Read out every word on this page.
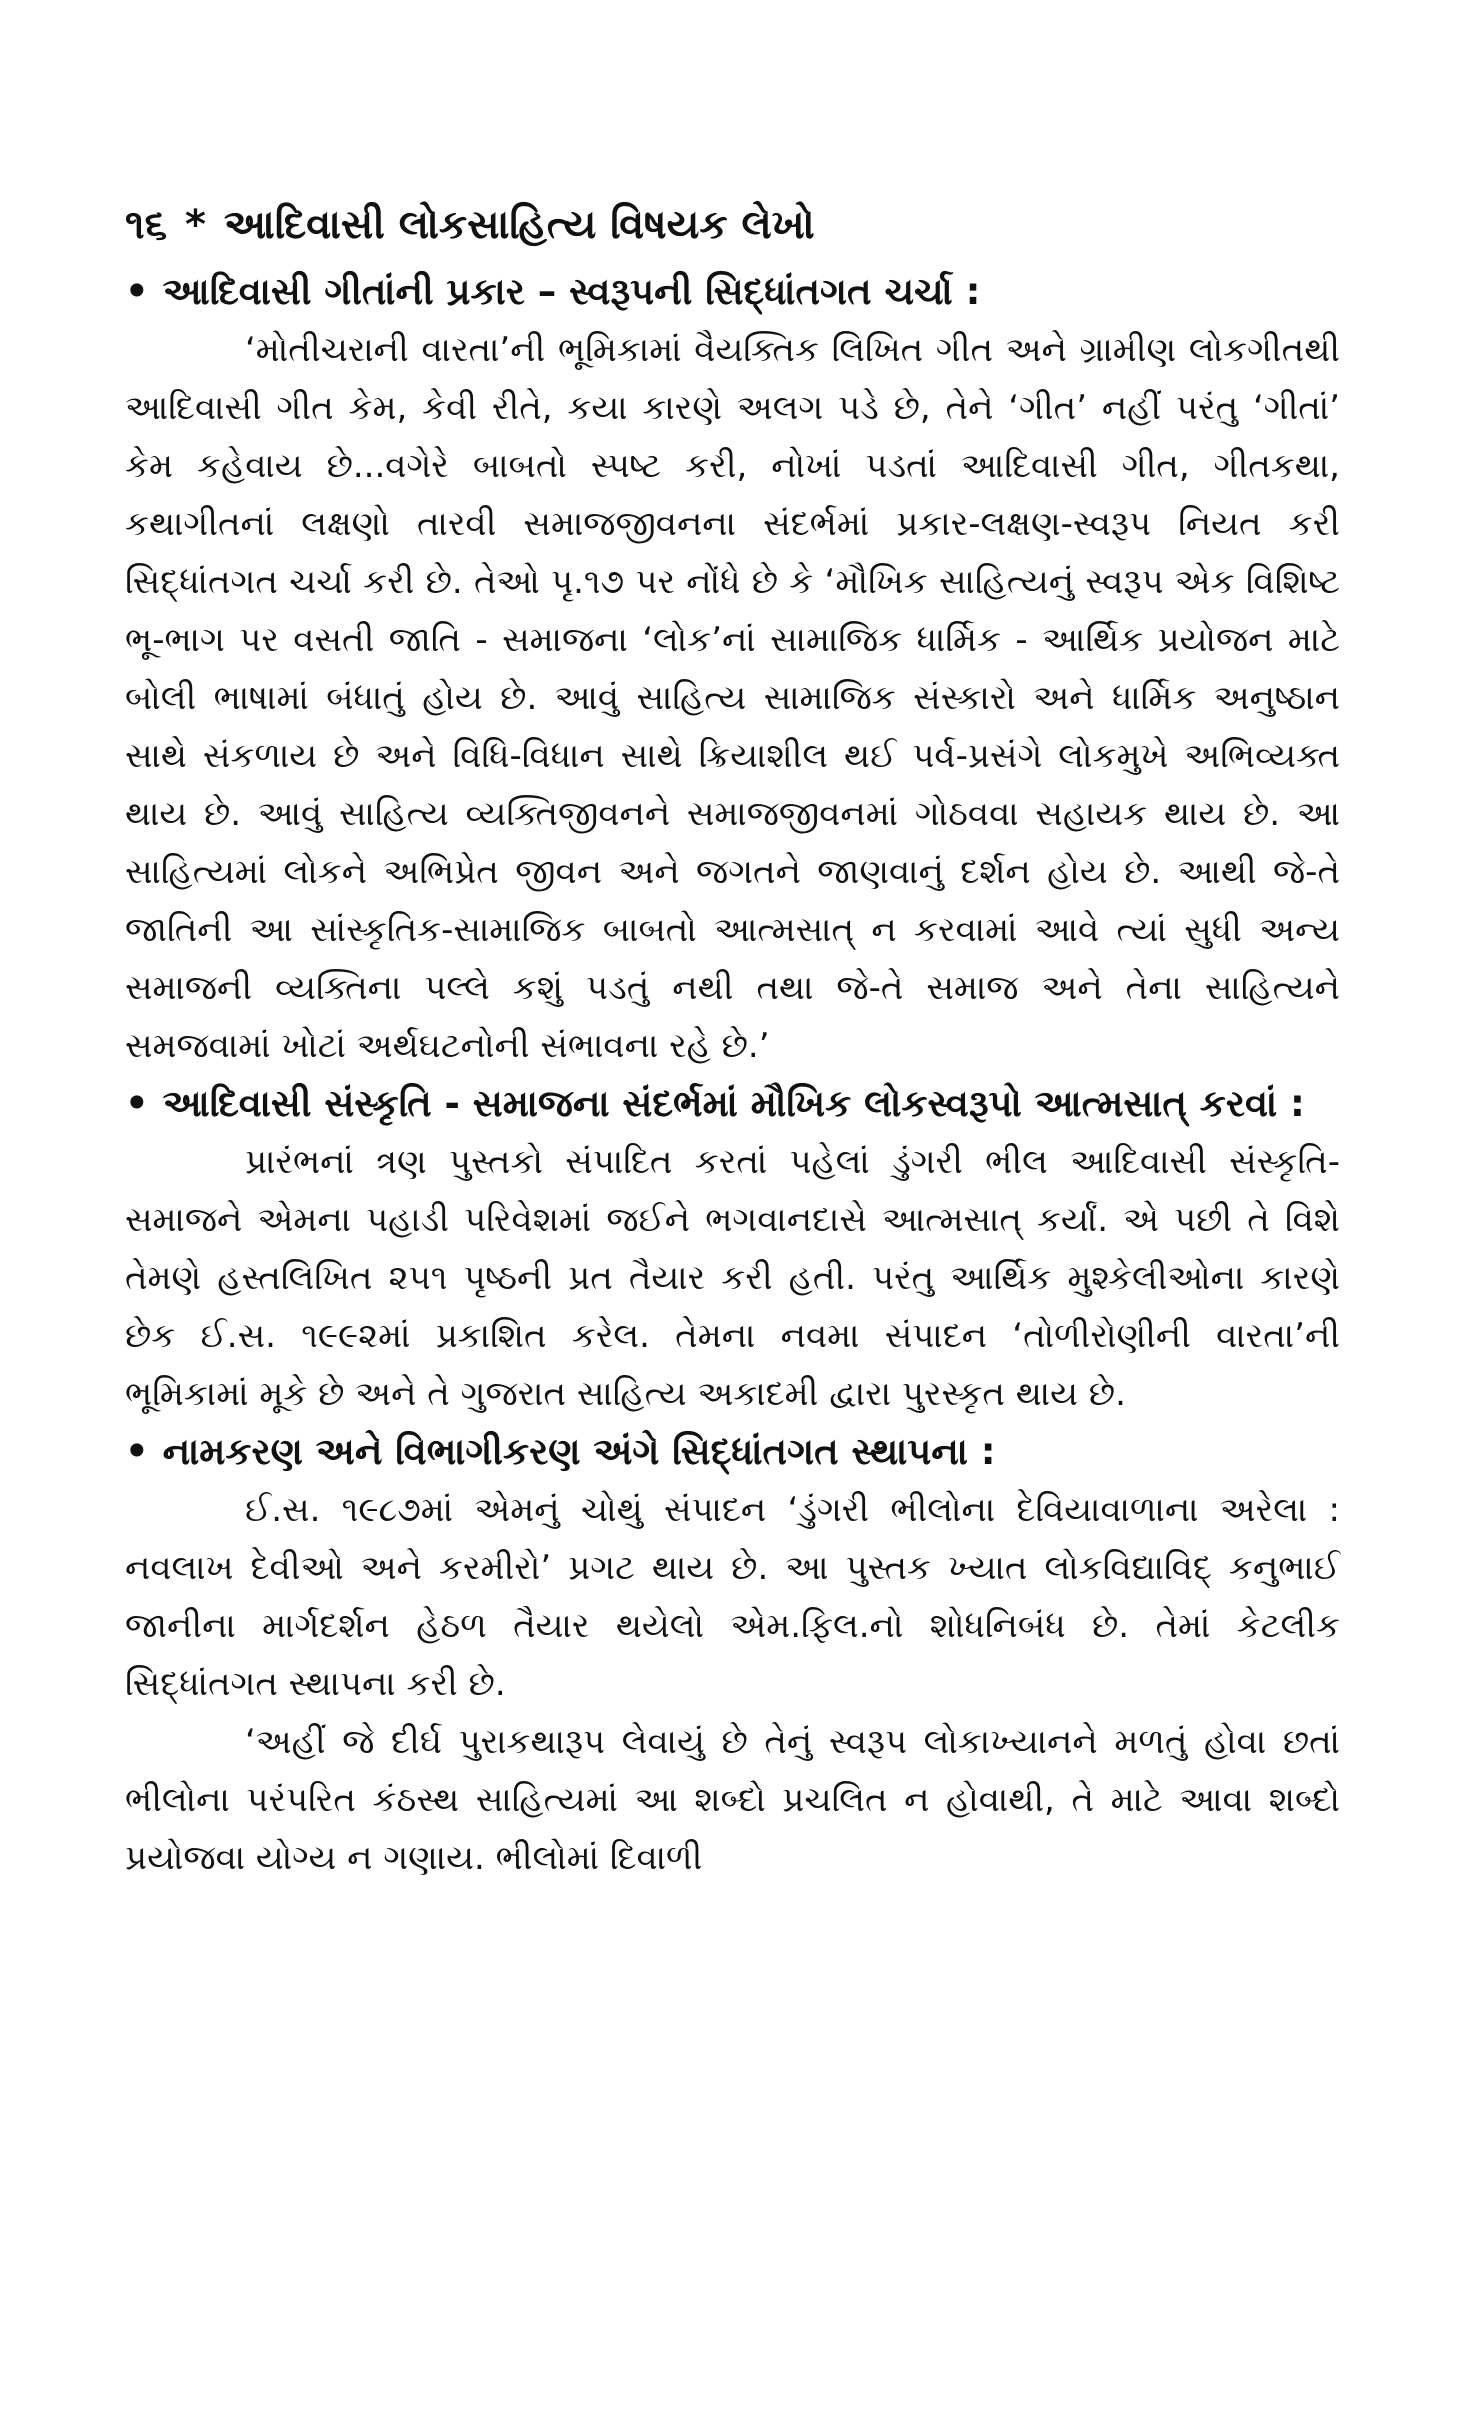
૧૬ * આદિવાસી લોકસાહિત્ય વિષયક લેખો
• આદિવાસી ગીતાંની પ્રકાર – સ્વરૂપની સિદ્ધાંતગત ચર્ચા :

‘મોતીચરાની વારતા’ની ભૂમિકામાં વૈયક્તિક લિખિત ગીત અને ગ્રામીણ લોકગીતથી આદિવાસી ગીત કેમ, કેવી રીતે, કયા કારણે અલગ પડે છે, તેને ‘ગીત’ નહીં પરંતુ ‘ગીતાં’ કેમ કહેવાય છે...વગેરે બાબતો સ્પષ્ટ કરી, નોખાં પડતાં આદિવાસી ગીત, ગીતકથા, કથાગીતનાં લક્ષણો તારવી સમાજજીવનના સંદર્ભમાં પ્રકાર-લક્ષણ-સ્વરૂપ નિયત કરી સિદ્ધાંતગત ચર્ચા કરી છે. તેઓ પૃ.૧૭ પર નોંધે છે કે ‘મૌખિક સાહિત્યનું સ્વરૂપ એક વિશિષ્ટ ભૂ-ભાગ પર વસતી જાતિ - સમાજના ‘લોક’નાં સામાજિક ધાર્મિક - આર્થિક પ્રયોજન માટે બોલી ભાષામાં બંધાતું હોય છે. આવું સાહિત્ય સામાજિક સંસ્કારો અને ધાર્મિક અનુષ્ઠાન સાથે સંકળાય છે અને વિધિ-વિધાન સાથે ક્રિયાશીલ થઈ પર્વ-પ્રસંગે લોકમુખે અભિવ્યક્ત થાય છે. આવું સાહિત્ય વ્યક્તિજીવનને સમાજજીવનમાં ગોઠવવા સહાયક થાય છે. આ સાહિત્યમાં લોકને અભિપ્રેત જીવન અને જગતને જાણવાનું દર્શન હોય છે. આથી જે-તે જાતિની આ સાંસ્કૃતિક-સામાજિક બાબતો આત્મસાત્ ન કરવામાં આવે ત્યાં સુધી અન્ય સમાજની વ્યક્તિના પલ્લે કશું પડતું નથી તથા જે-તે સમાજ અને તેના સાહિત્યને સમજવામાં ખોટાં અર્થઘટનોની સંભાવના રહે છે.’

• આદિવાસી સંસ્કૃતિ - સમાજના સંદર્ભમાં મૌખિક લોકસ્વરૂપો આત્મસાત્ કરવાં :

પ્રારંભનાં ત્રણ પુસ્તકો સંપાદિત કરતાં પહેલાં ડુંગરી ભીલ આદિવાસી સંસ્કૃતિ-સમાજને એમના પહાડી પરિવેશમાં જઈને ભગવાનદાસે આત્મસાત્ કર્યાં. એ પછી તે વિશે તેમણે હસ્તલિખિત ૨૫૧ પૃષ્ઠની પ્રત તૈયાર કરી હતી. પરંતુ આર્થિક મુશ્કેલીઓના કારણે છેક ઈ.સ. ૧૯૯૨માં પ્રકાશિત કરેલ. તેમના નવમા સંપાદન ‘તોળીરોણીની વારતા’ની ભૂમિકામાં મૂકે છે અને તે ગુજરાત સાહિત્ય અકાદમી દ્વારા પુરસ્કૃત થાય છે.

• નામકરણ અને વિભાગીકરણ અંગે સિદ્ધાંતગત સ્થાપના :

ઈ.સ. ૧૯૮૭માં એમનું ચોથું સંપાદન ‘ડુંગરી ભીલોના દેવિયાવાળાના અરેલા : નવલાખ દેવીઓ અને કરમીરો’ પ્રગટ થાય છે. આ પુસ્તક ખ્યાત લોકવિદ્યાવિદ્ કનુભાઈ જાનીના માર્ગદર્શન હેઠળ તૈયાર થયેલો એમ.ફિલ.નો શોધનિબંધ છે. તેમાં કેટલીક સિદ્ધાંતગત સ્થાપના કરી છે.

‘અહીં જે દીર્ઘ પુરાકથારૂપ લેવાયું છે તેનું સ્વરૂપ લોકાખ્યાનને મળતું હોવા છતાં ભીલોના પરંપરિત કંઠસ્થ સાહિત્યમાં આ શબ્દો પ્રચલિત ન હોવાથી, તે માટે આવા શબ્દો પ્રયોજવા યોગ્ય ન ગણાય. ભીલોમાં દિવાળી
